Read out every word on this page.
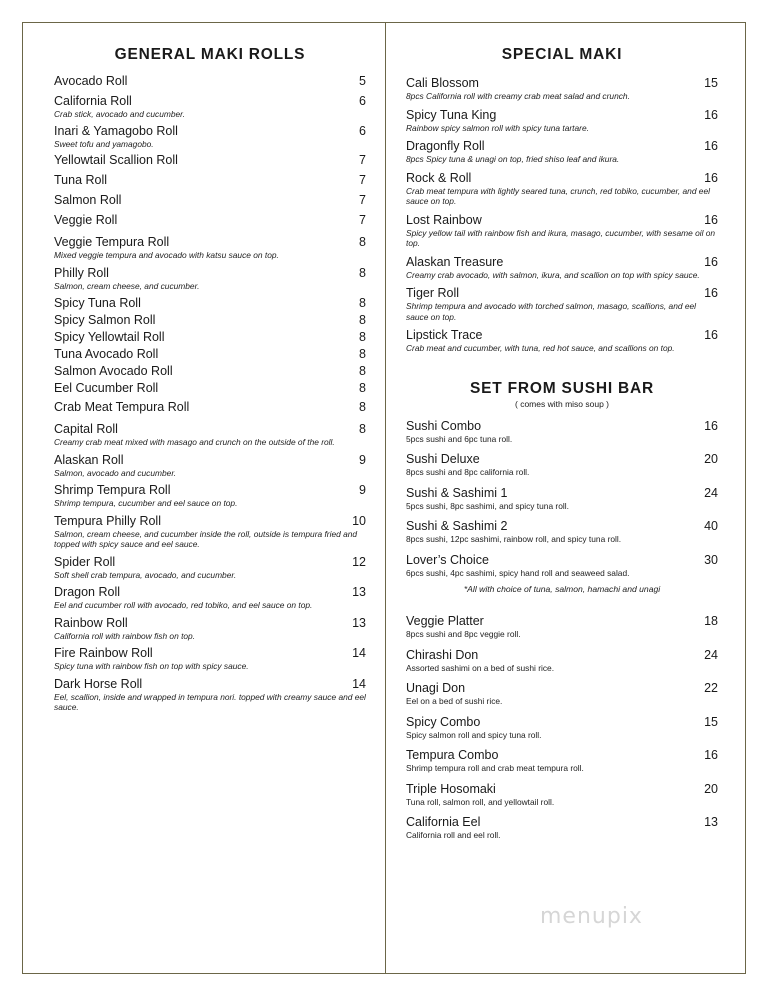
GENERAL MAKI ROLLS
Avocado Roll	5
California Roll	6
Crab stick, avocado and cucumber.
Inari & Yamagobo Roll	6
Sweet tofu and yamagobo.
Yellowtail Scallion Roll	7
Tuna Roll	7
Salmon Roll	7
Veggie Roll	7
Veggie Tempura Roll	8
Mixed veggie tempura and avocado with katsu sauce on top.
Philly Roll	8
Salmon, cream cheese, and cucumber.
Spicy Tuna Roll	8
Spicy Salmon Roll	8
Spicy Yellowtail Roll	8
Tuna Avocado Roll	8
Salmon Avocado Roll	8
Eel Cucumber Roll	8
Crab Meat Tempura Roll	8
Capital Roll	8
Creamy crab meat mixed with masago and crunch on the outside of the roll.
Alaskan Roll	9
Salmon, avocado and cucumber.
Shrimp Tempura Roll	9
Shrimp tempura, cucumber and eel sauce on top.
Tempura Philly Roll	10
Salmon, cream cheese, and cucumber inside the roll, outside is tempura fried and topped with spicy sauce and eel sauce.
Spider Roll	12
Soft shell crab tempura, avocado, and cucumber.
Dragon Roll	13
Eel and cucumber roll with avocado, red tobiko, and eel sauce on top.
Rainbow Roll	13
California roll with rainbow fish on top.
Fire Rainbow Roll	14
Spicy tuna with rainbow fish on top with spicy sauce.
Dark Horse Roll	14
Eel, scallion, inside and wrapped in tempura nori. topped with creamy sauce and eel sauce.
SPECIAL MAKI
Cali Blossom	15
8pcs California roll with creamy crab meat salad and crunch.
Spicy Tuna King	16
Rainbow spicy salmon roll with spicy tuna tartare.
Dragonfly Roll	16
8pcs Spicy tuna & unagi on top, fried shiso leaf and ikura.
Rock & Roll	16
Crab meat tempura with lightly seared tuna, crunch, red tobiko, cucumber, and eel sauce on top.
Lost Rainbow	16
Spicy yellow tail with rainbow fish and ikura, masago, cucumber, with sesame oil on top.
Alaskan Treasure	16
Creamy crab avocado, with salmon, ikura, and scallion on top with spicy sauce.
Tiger Roll	16
Shrimp tempura and avocado with torched salmon, masago, scallions, and eel sauce on top.
Lipstick Trace	16
Crab meat and cucumber, with tuna, red hot sauce, and scallions on top.
SET FROM SUSHI BAR
( comes with miso soup )
Sushi Combo	16
5pcs sushi and 6pc tuna roll.
Sushi Deluxe	20
8pcs sushi and 8pc california roll.
Sushi & Sashimi 1	24
5pcs sushi, 8pc sashimi, and spicy tuna roll.
Sushi & Sashimi 2	40
8pcs sushi, 12pc sashimi, rainbow roll, and spicy tuna roll.
Lover’s Choice	30
6pcs sushi, 4pc sashimi, spicy hand roll and seaweed salad.
*All with choice of tuna, salmon, hamachi and unagi
Veggie Platter	18
8pcs sushi and 8pc veggie roll.
Chirashi Don	24
Assorted sashimi on a bed of sushi rice.
Unagi Don	22
Eel on a bed of sushi rice.
Spicy Combo	15
Spicy salmon roll and spicy tuna roll.
Tempura Combo	16
Shrimp tempura roll and crab meat tempura roll.
Triple Hosomaki	20
Tuna roll, salmon roll, and yellowtail roll.
California Eel	13
California roll and eel roll.
menupix
